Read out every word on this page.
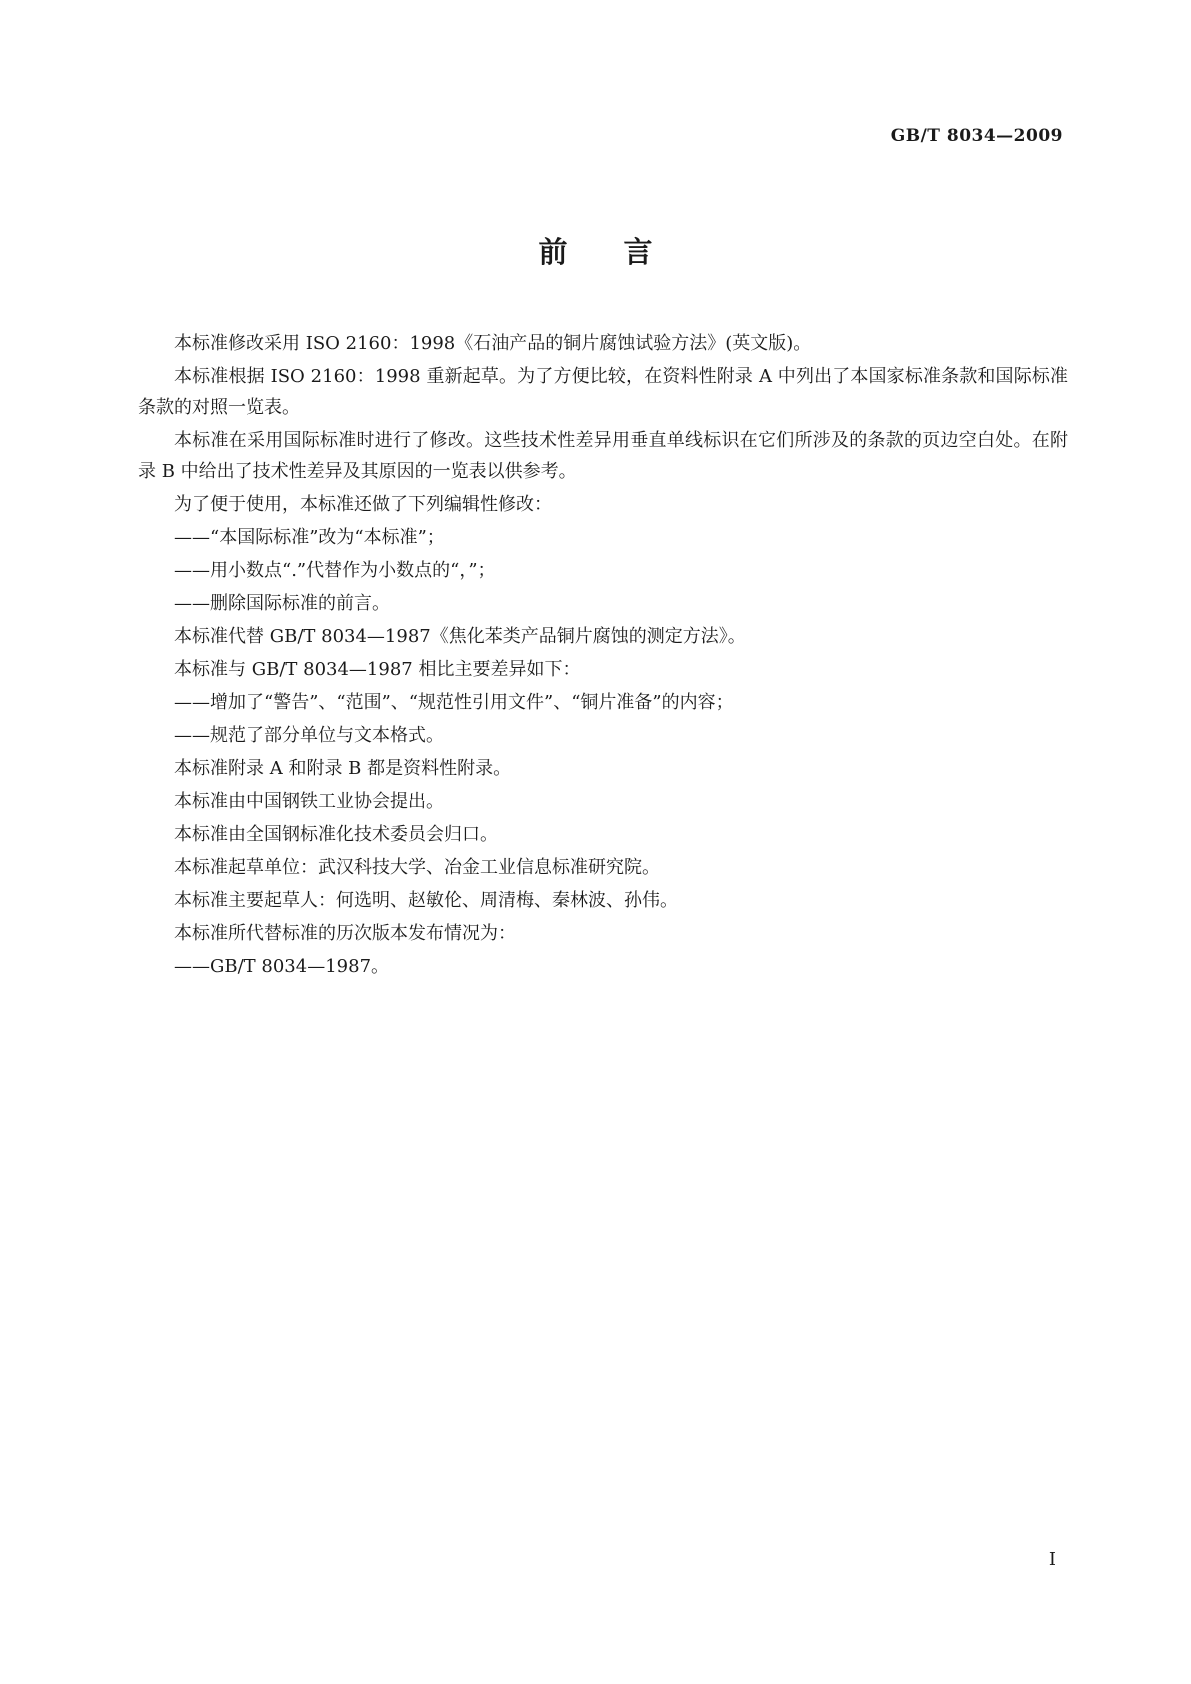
GB/T 8034—2009
前言

本标准修改采用 ISO 2160：1998《石油产品的铜片腐蚀试验方法》(英文版)。

本标准根据 ISO 2160：1998 重新起草。为了方便比较，在资料性附录 A 中列出了本国家标准条款和国际标准条款的对照一览表。

本标准在采用国际标准时进行了修改。这些技术性差异用垂直单线标识在它们所涉及的条款的页边空白处。在附录 B 中给出了技术性差异及其原因的一览表以供参考。

为了便于使用，本标准还做了下列编辑性修改：

——“本国际标准”改为“本标准”；

——用小数点“.”代替作为小数点的“，”；

——删除国际标准的前言。

本标准代替 GB/T 8034—1987《焦化苯类产品铜片腐蚀的测定方法》。

本标准与 GB/T 8034—1987 相比主要差异如下：

——增加了“警告”、“范围”、“规范性引用文件”、“铜片准备”的内容；

——规范了部分单位与文本格式。

本标准附录 A 和附录 B 都是资料性附录。

本标准由中国钢铁工业协会提出。

本标准由全国钢标准化技术委员会归口。

本标准起草单位：武汉科技大学、冶金工业信息标准研究院。

本标准主要起草人：何选明、赵敏伦、周清梅、秦林波、孙伟。

本标准所代替标准的历次版本发布情况为：

——GB/T 8034—1987。

I
